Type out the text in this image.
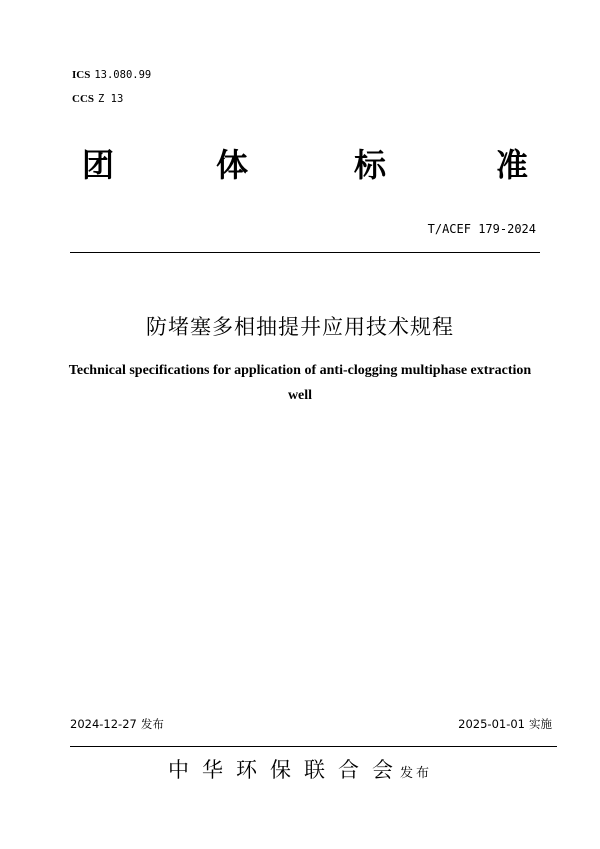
ICS 13.080.99
CCS Z 13
团	体	标	准
T/ACEF 179-2024
防堵塞多相抽提井应用技术规程
Technical specifications for application of anti-clogging multiphase extraction well
2024-12-27 发布	2025-01-01 实施
中华环保联合会发布
